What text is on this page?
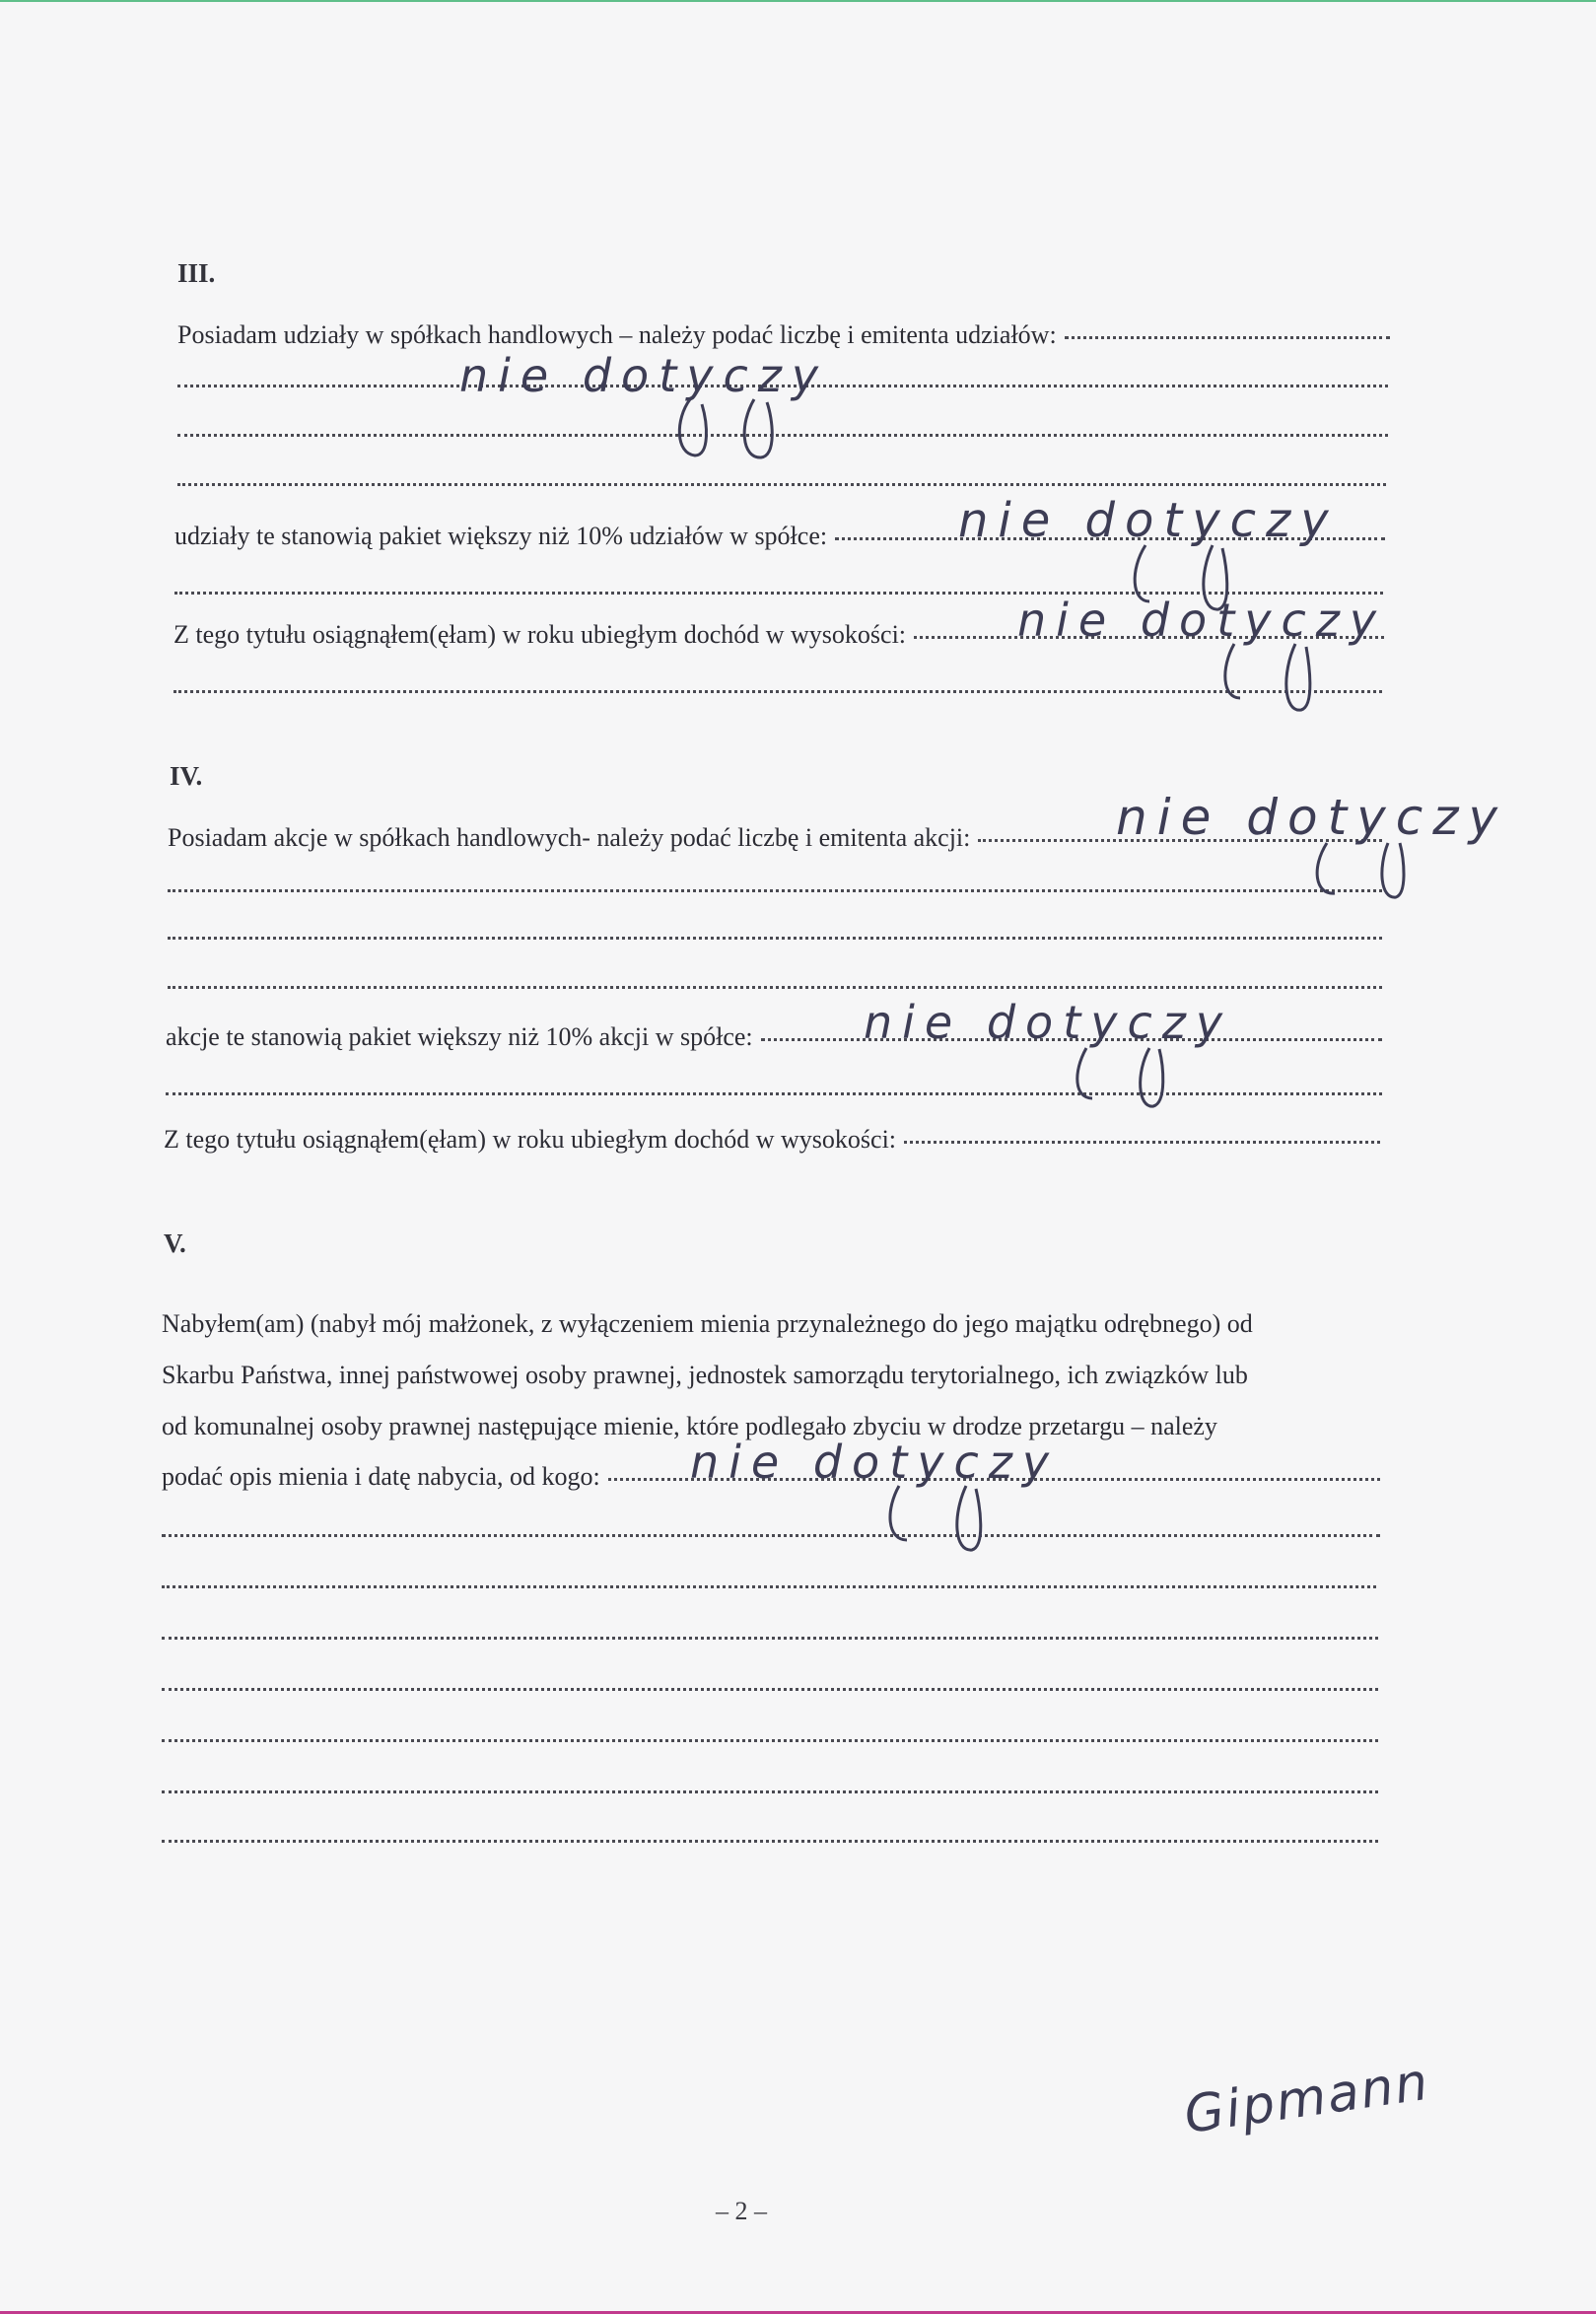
III.
Posiadam udziały w spółkach handlowych – należy podać liczbę i emitenta udziałów:
udziały te stanowią pakiet większy niż 10% udziałów w spółce:
Z tego tytułu osiągnąłem(ęłam) w roku ubiegłym dochód w wysokości:
IV.
Posiadam akcje w spółkach handlowych- należy podać liczbę i emitenta akcji:
akcje te stanowią pakiet większy niż 10% akcji w spółce:
Z tego tytułu osiągnąłem(ęłam) w roku ubiegłym dochód w wysokości:
V.
Nabyłem(am) (nabył mój małżonek, z wyłączeniem mienia przynależnego do jego majątku odrębnego) od
Skarbu Państwa, innej państwowej osoby prawnej, jednostek samorządu terytorialnego, ich związków lub
od komunalnej osoby prawnej następujące mienie, które podlegało zbyciu w drodze przetargu – należy
podać opis mienia i datę nabycia, od kogo:
nie dotyczy
nie dotyczy
nie dotyczy
nie dotyczy
nie dotyczy
nie dotyczy
Gipmann
– 2 –
